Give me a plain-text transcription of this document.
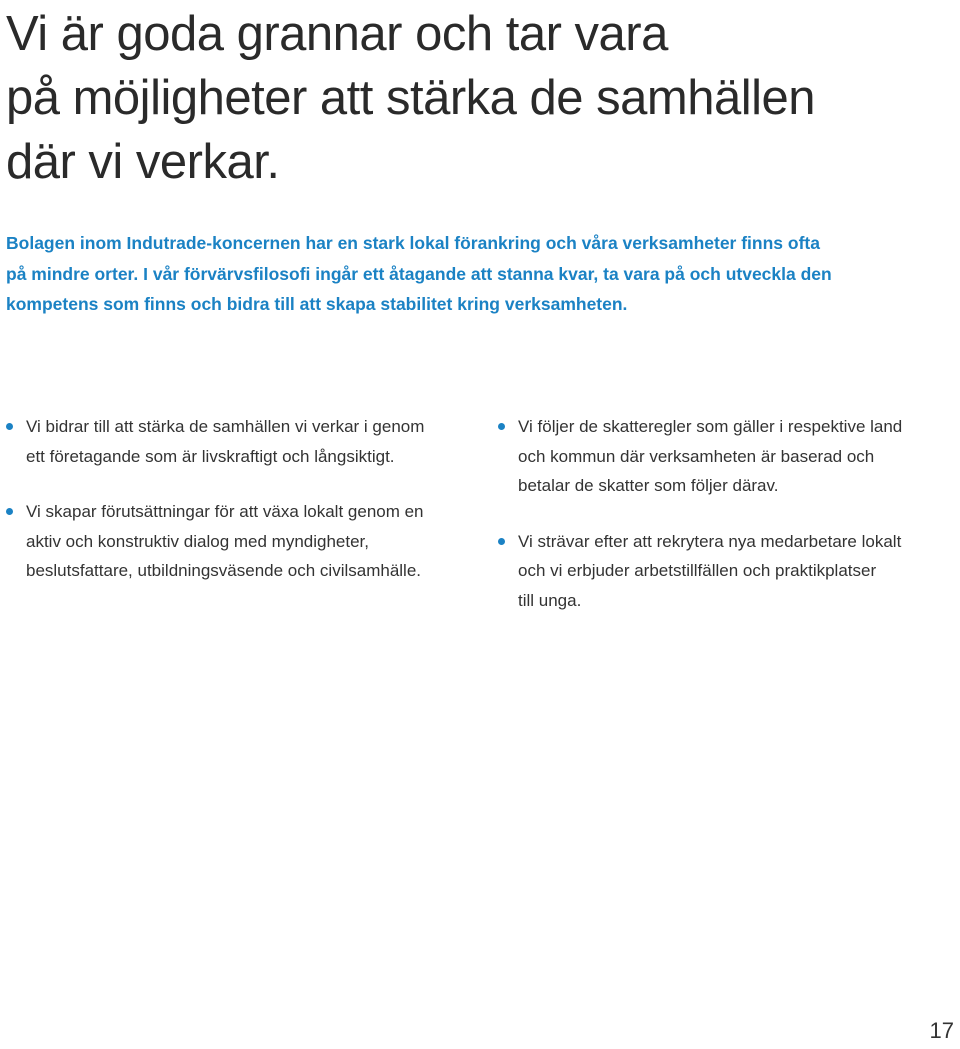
Vi är goda grannar och tar vara
på möjligheter att stärka de samhällen
där vi verkar.

Bolagen inom Indutrade-koncernen har en stark lokal förankring och våra verksamheter finns ofta
på mindre orter. I vår förvärvsfilosofi ingår ett åtagande att stanna kvar, ta vara på och utveckla den
kompetens som finns och bidra till att skapa stabilitet kring verksamheten.

Vi bidrar till att stärka de samhällen vi verkar i genom
ett företagande som är livskraftigt och långsiktigt.
Vi skapar förutsättningar för att växa lokalt genom en
aktiv och konstruktiv dialog med myndigheter,
beslutsfattare, utbildningsväsende och civilsamhälle.
Vi följer de skatteregler som gäller i respektive land
och kommun där verksamheten är baserad och
betalar de skatter som följer därav.
Vi strävar efter att rekrytera nya medarbetare lokalt
och vi erbjuder arbetstillfällen och praktikplatser
till unga.
17
